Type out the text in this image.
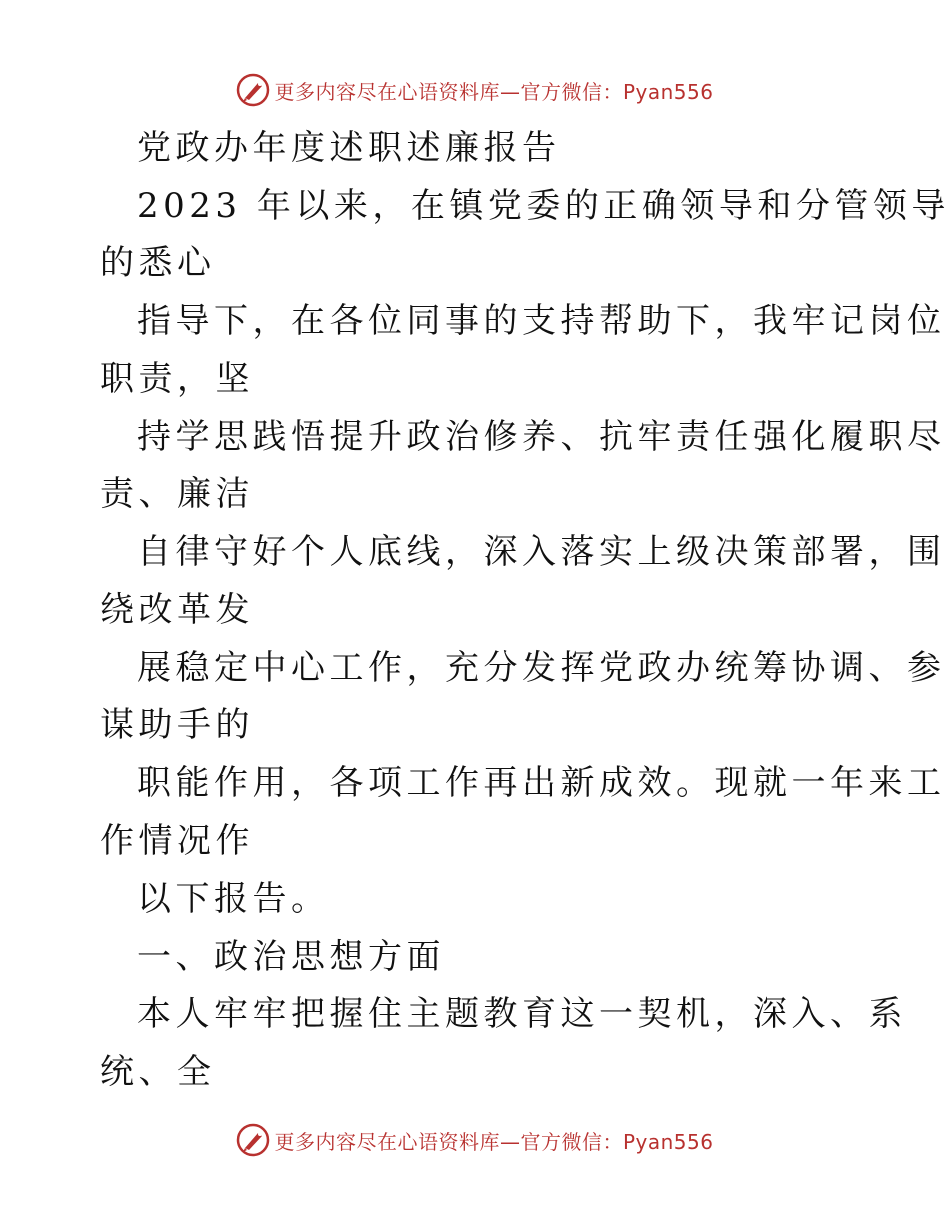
更多内容尽在心语资料库—官方微信：Pyan556
党政办年度述职述廉报告
2023 年以来，在镇党委的正确领导和分管领导
的悉心
指导下，在各位同事的支持帮助下，我牢记岗位
职责，坚
持学思践悟提升政治修养、抗牢责任强化履职尽
责、廉洁
自律守好个人底线，深入落实上级决策部署，围
绕改革发
展稳定中心工作，充分发挥党政办统筹协调、参
谋助手的
职能作用，各项工作再出新成效。现就一年来工
作情况作
以下报告。
一、政治思想方面
本人牢牢把握住主题教育这一契机，深入、系
统、全
更多内容尽在心语资料库—官方微信：Pyan556
